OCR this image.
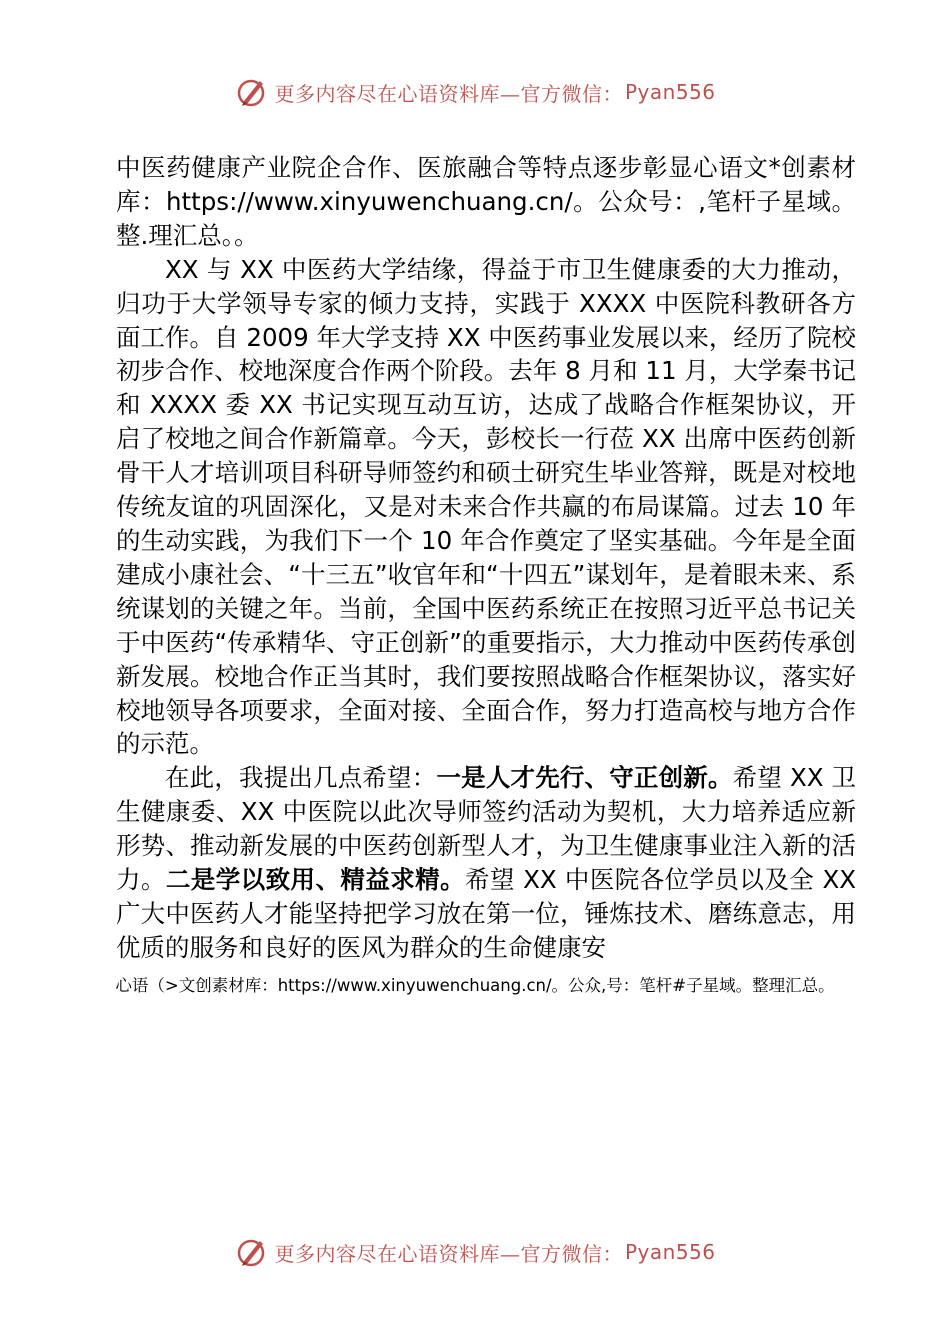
更多内容尽在心语资料库—官方微信： Pyan556

中医药健康产业院企合作、医旅融合等特点逐步彰显心语文*创素材库：https://www.xinyuwenchuang.cn/。公众号：,笔杆子星域。整.理汇总。。

XX 与 XX 中医药大学结缘，得益于市卫生健康委的大力推动，归功于大学领导专家的倾力支持，实践于 XXXX 中医院科教研各方面工作。自 2009 年大学支持 XX 中医药事业发展以来，经历了院校初步合作、校地深度合作两个阶段。去年 8 月和 11 月，大学秦书记和 XXXX 委 XX 书记实现互动互访，达成了战略合作框架协议，开启了校地之间合作新篇章。今天，彭校长一行莅 XX 出席中医药创新骨干人才培训项目科研导师签约和硕士研究生毕业答辩，既是对校地传统友谊的巩固深化，又是对未来合作共赢的布局谋篇。过去 10 年的生动实践，为我们下一个 10 年合作奠定了坚实基础。今年是全面建成小康社会、“十三五”收官年和“十四五”谋划年，是着眼未来、系统谋划的关键之年。当前，全国中医药系统正在按照习近平总书记关于中医药“传承精华、守正创新”的重要指示，大力推动中医药传承创新发展。校地合作正当其时，我们要按照战略合作框架协议，落实好校地领导各项要求，全面对接、全面合作，努力打造高校与地方合作的示范。

在此，我提出几点希望：一是人才先行、守正创新。希望 XX 卫生健康委、XX 中医院以此次导师签约活动为契机，大力培养适应新形势、推动新发展的中医药创新型人才，为卫生健康事业注入新的活力。二是学以致用、精益求精。希望 XX 中医院各位学员以及全 XX 广大中医药人才能坚持把学习放在第一位，锤炼技术、磨练意志，用优质的服务和良好的医风为群众的生命健康安

心语（>文创素材库：https://www.xinyuwenchuang.cn/。公众,号：笔杆#子星域。整理汇总。
更多内容尽在心语资料库—官方微信： Pyan556
